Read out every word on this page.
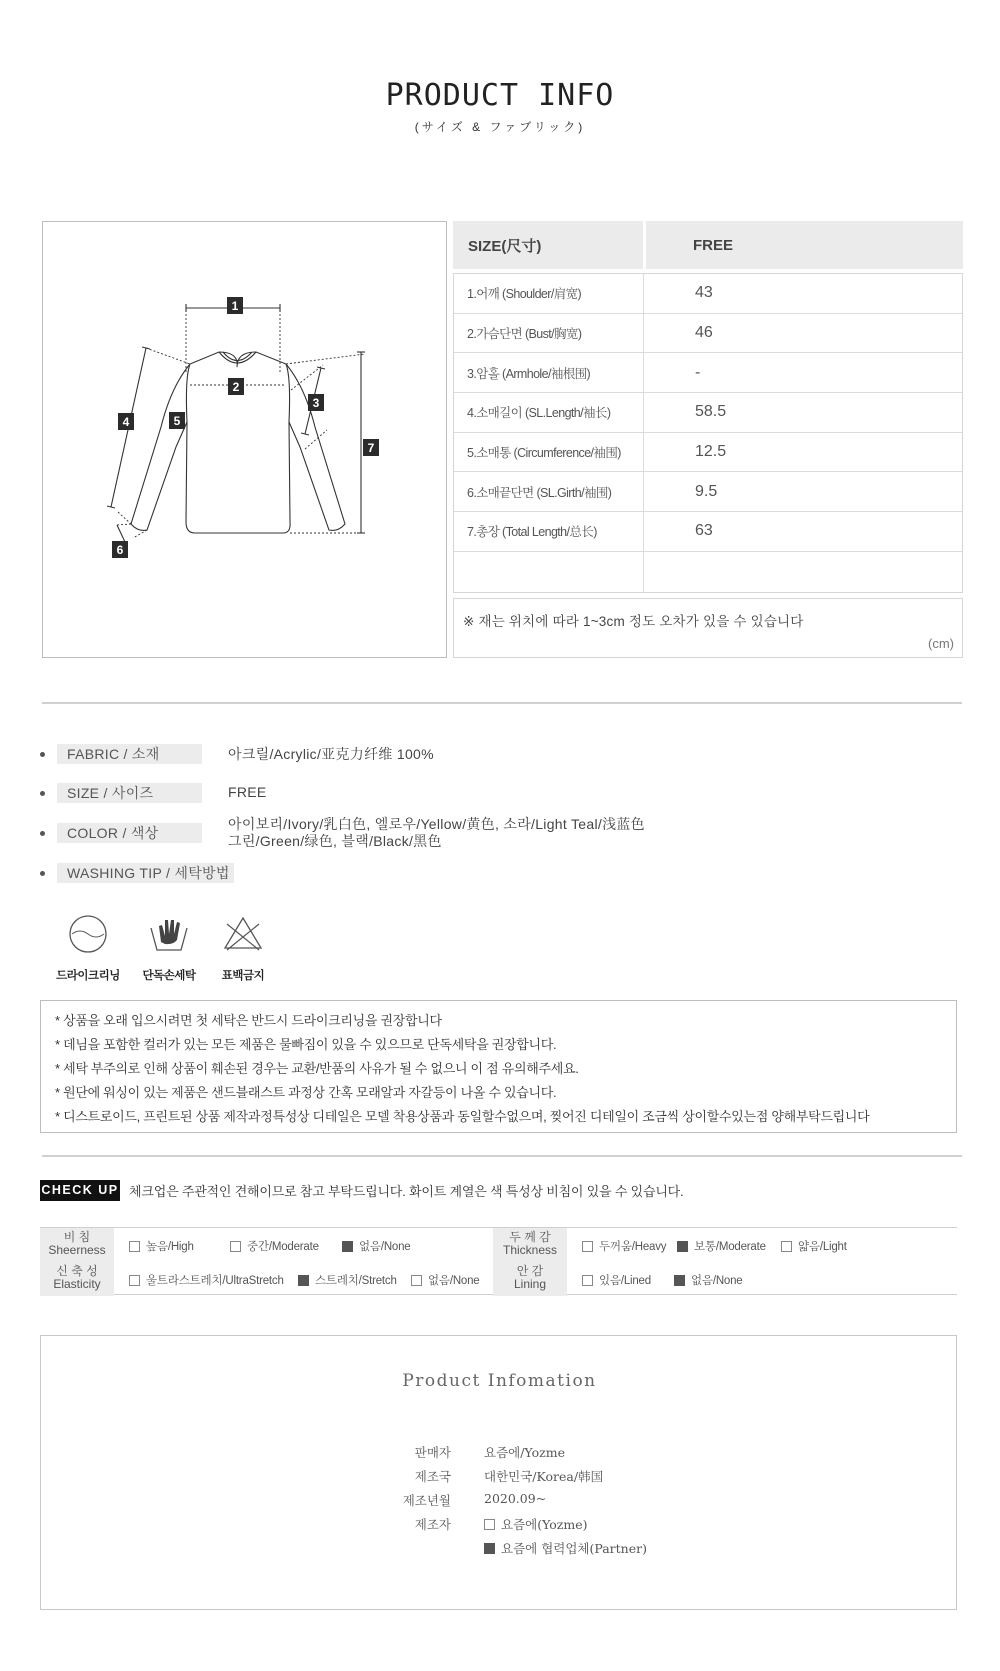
PRODUCT INFO
(サイズ & ファブリック)
1
2
3
4	5
6
7
SIZE(尺寸)	FREE
1.어깨 (Shoulder/肩宽)	43
2.가슴단면 (Bust/胸宽)	46
3.암홀 (Armhole/袖根围)	-
4.소매길이 (SL.Length/袖长)	58.5
5.소매통 (Circumference/袖围)	12.5
6.소매끝단면 (SL.Girth/袖围)	9.5
7.총장 (Total Length/总长)	63
※ 재는 위치에 따라 1~3cm 정도 오차가 있을 수 있습니다
(cm)
FABRIC / 소재	아크릴/Acrylic/亚克力纤维 100%
SIZE / 사이즈	FREE
COLOR / 색상
아이보리/Ivory/乳白色, 엘로우/Yellow/黄色, 소라/Light Teal/浅蓝色
그린/Green/绿色, 블랙/Black/黑色
WASHING TIP / 세탁방법
드라이크리닝	단독손세탁	표백금지
* 상품을 오래 입으시려면 첫 세탁은 반드시 드라이크리닝을 권장합니다
* 데님을 포함한 컬러가 있는 모든 제품은 물빠짐이 있을 수 있으므로 단독세탁을 권장합니다.
* 세탁 부주의로 인해 상품이 훼손된 경우는 교환/반품의 사유가 될 수 없으니 이 점 유의해주세요.
* 원단에 워싱이 있는 제품은 샌드블래스트 과정상 간혹 모래알과 자갈등이 나올 수 있습니다.
* 디스트로이드, 프린트된 상품 제작과정특성상 디테일은 모델 착용상품과 동일할수없으며, 찢어진 디테일이 조금씩 상이할수있는점 양해부탁드립니다
CHECK UP 체크업은 주관적인 견해이므로 참고 부탁드립니다. 화이트 계열은 색 특성상 비침이 있을 수 있습니다.
비 침
Sheerness	높음/High	중간/Moderate	없음/None
두 께 감
Thickness	두꺼움/Heavy 보통/Moderate	얇음/Light
신 축 성
Elasticity	울트라스트레치/UltraStretch	스트레치/Stretch	없음/None
안 감
Lining	있음/Lined	없음/None
Product Infomation
판매자	요즘에/Yozme
제조국	대한민국/Korea/韩国
제조년월	2020.09~
제조자	요즘에(Yozme)
요즘에 협력업체(Partner)
